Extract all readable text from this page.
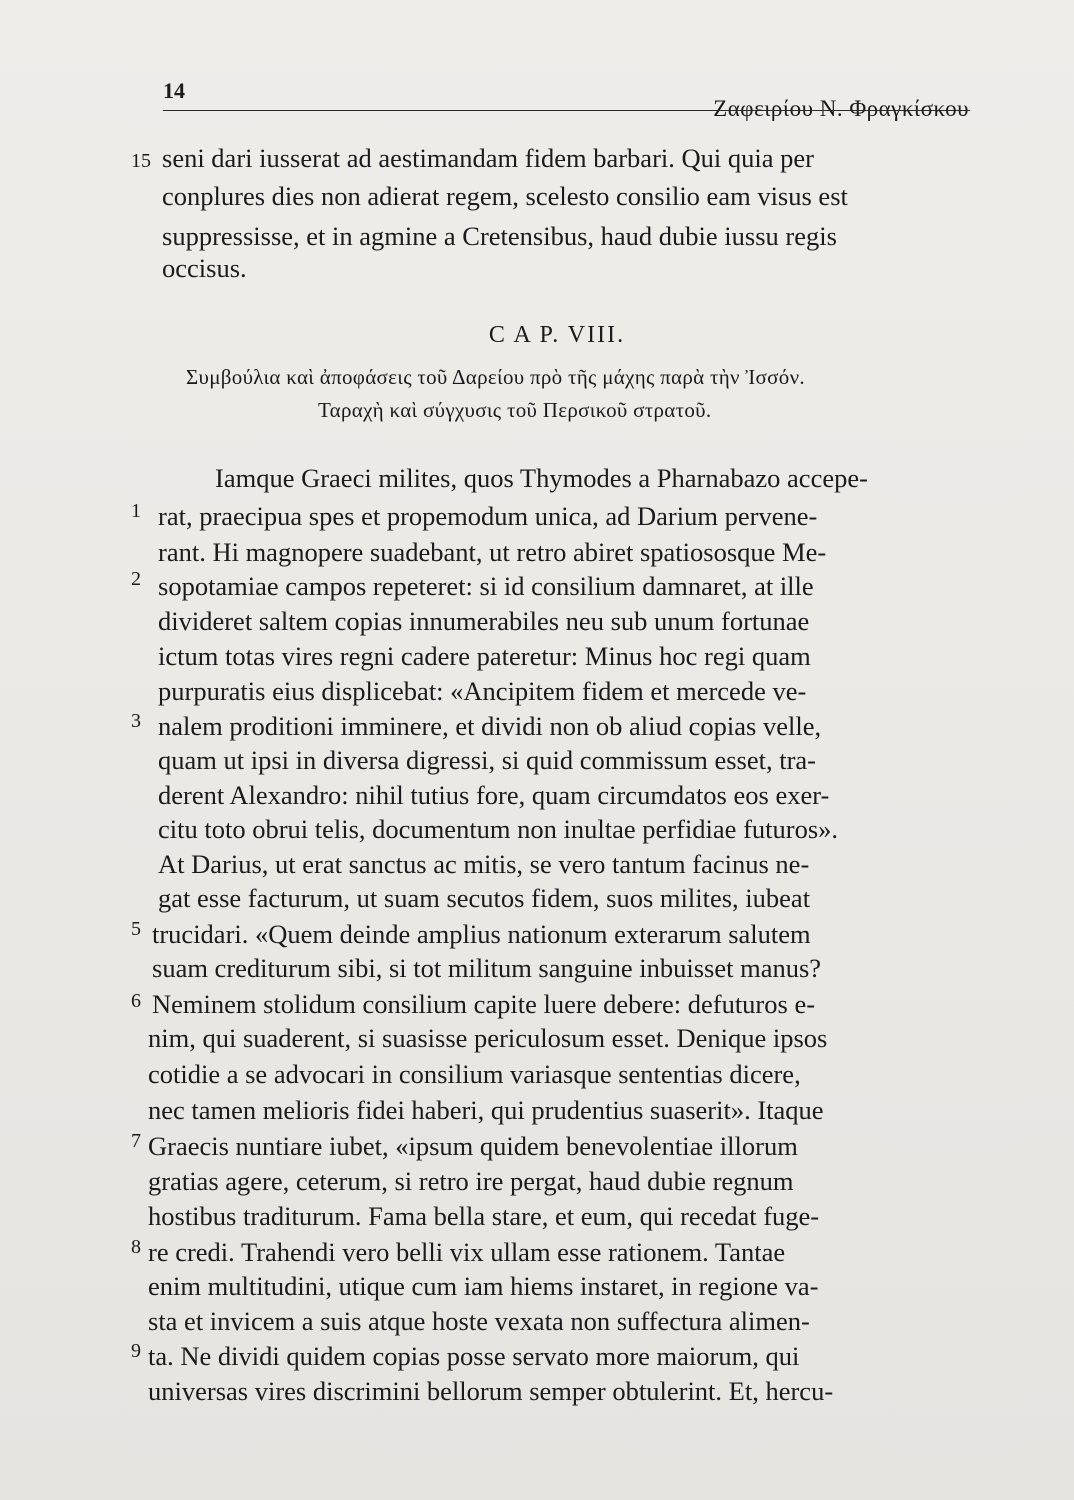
14
Ζαφειρίου Ν. Φραγκίσκου
15 seni dari iusserat ad aestimandam fidem barbari. Qui quia per
conplures dies non adierat regem, scelesto consilio eam visus est
suppressisse, et in agmine a Cretensibus, haud dubie iussu regis
occisus.
C A P. VIII.
Συμβούλια καὶ ἀποφάσεις τοῦ Δαρείου πρὸ τῆς μάχης παρὰ τὴν Ἰσσόν.
Ταραχὴ καὶ σύγχυσις τοῦ Περσικοῦ στρατοῦ.
1
2
3
5
6
7
8
9
Iamque Graeci milites, quos Thymodes a Pharnabazo accepe-
rat, praecipua spes et propemodum unica, ad Darium pervene-
rant. Hi magnopere suadebant, ut retro abiret spatiososque Me-
sopotamiae campos repeteret: si id consilium damnaret, at ille
divideret saltem copias innumerabiles neu sub unum fortunae
ictum totas vires regni cadere pateretur: Minus hoc regi quam
purpuratis eius displicebat: «Ancipitem fidem et mercede ve-
nalem proditioni imminere, et dividi non ob aliud copias velle,
quam ut ipsi in diversa digressi, si quid commissum esset, tra-
derent Alexandro: nihil tutius fore, quam circumdatos eos exer-
citu toto obrui telis, documentum non inultae perfidiae futuros».
At Darius, ut erat sanctus ac mitis, se vero tantum facinus ne-
gat esse facturum, ut suam secutos fidem, suos milites, iubeat
trucidari. «Quem deinde amplius nationum exterarum salutem
suam crediturum sibi, si tot militum sanguine inbuisset manus?
Neminem stolidum consilium capite luere debere: defuturos e-
nim, qui suaderent, si suasisse periculosum esset. Denique ipsos
cotidie a se advocari in consilium variasque sententias dicere,
nec tamen melioris fidei haberi, qui prudentius suaserit». Itaque
Graecis nuntiare iubet, «ipsum quidem benevolentiae illorum
gratias agere, ceterum, si retro ire pergat, haud dubie regnum
hostibus traditurum. Fama bella stare, et eum, qui recedat fuge-
re credi. Trahendi vero belli vix ullam esse rationem. Tantae
enim multitudini, utique cum iam hiems instaret, in regione va-
sta et invicem a suis atque hoste vexata non suffectura alimen-
ta. Ne dividi quidem copias posse servato more maiorum, qui
universas vires discrimini bellorum semper obtulerint. Et, hercu-
